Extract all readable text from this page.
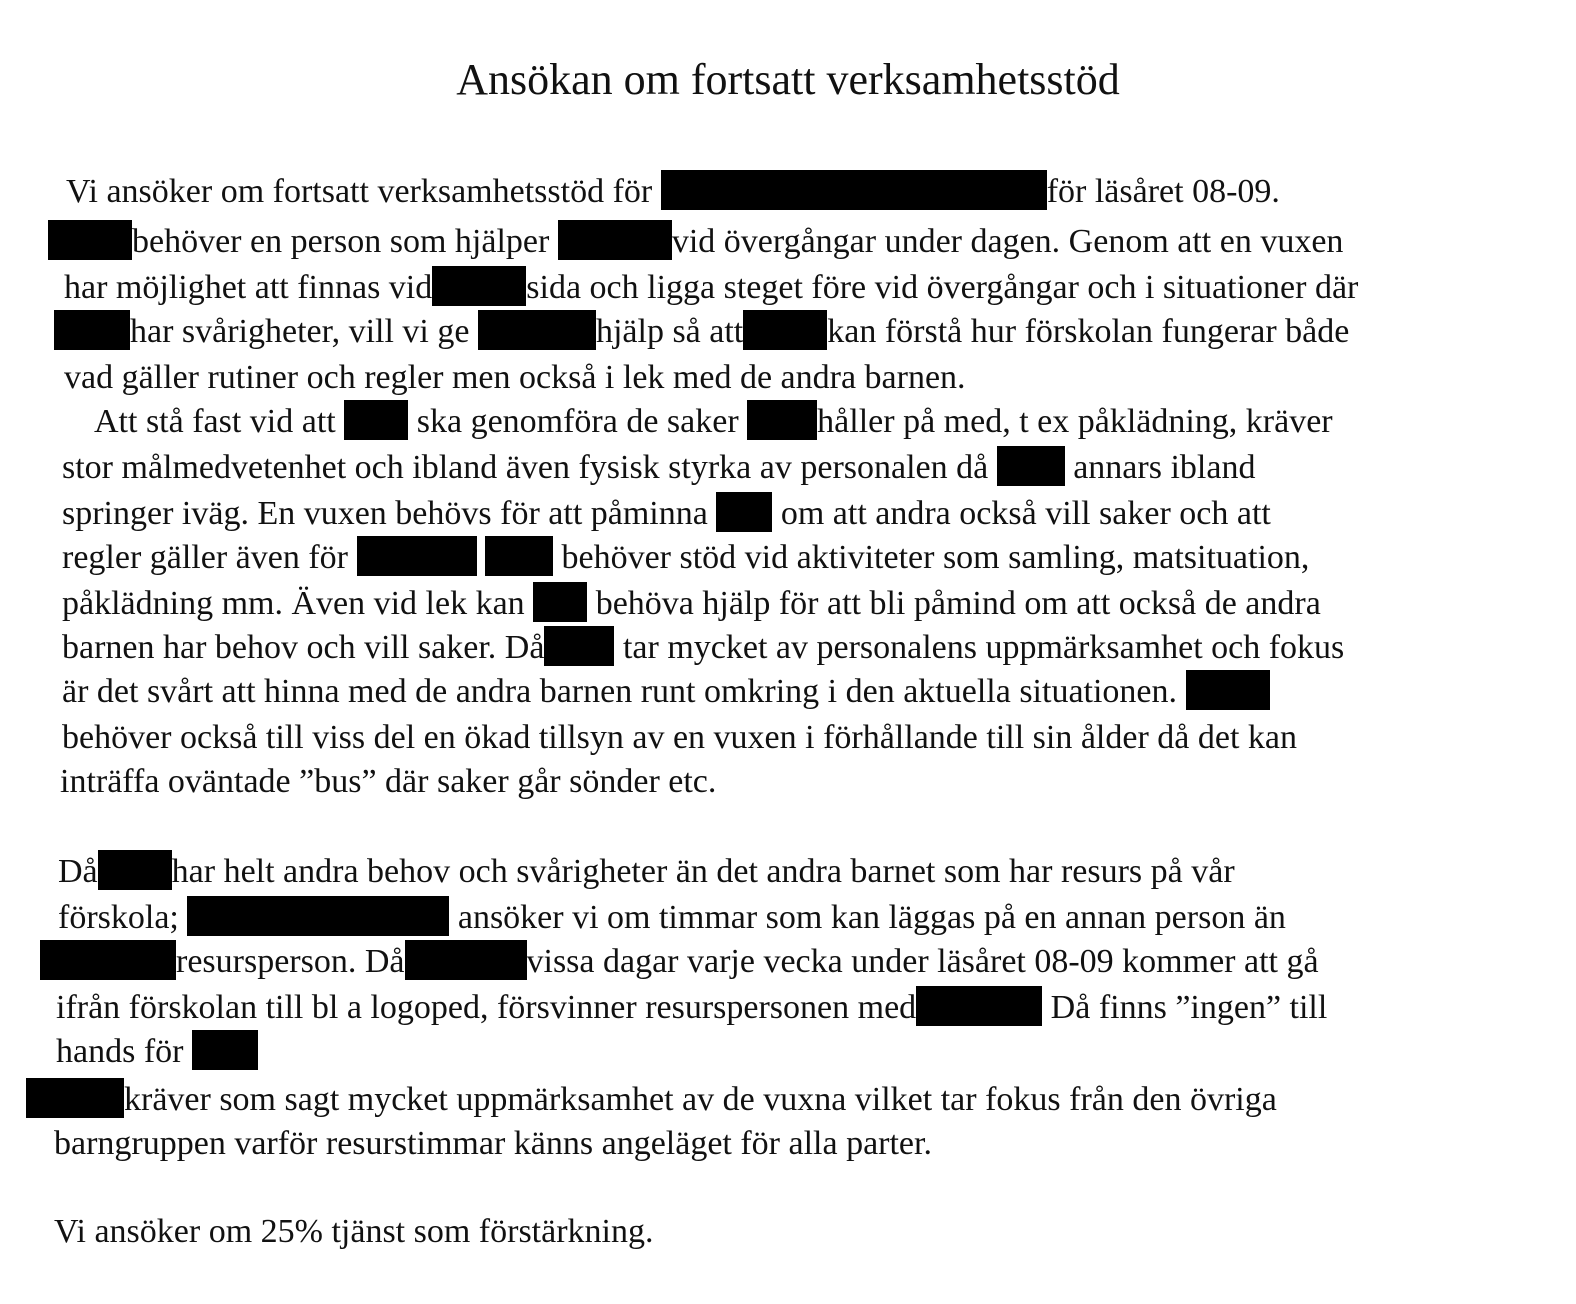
Ansökan om fortsatt verksamhetsstöd
Vi ansöker om fortsatt verksamhetsstöd för	för läsåret 08-09.
behöver en person som hjälper	vid övergångar under dagen. Genom att en vuxen
har möjlighet att finnas vid	sida och ligga steget före vid övergångar och i situationer där
har svårigheter, vill vi ge	hjälp så att kan förstå hur förskolan fungerar både
vad gäller rutiner och regler men också i lek med de andra barnen.
Att stå fast vid att  ska genomföra de saker håller på med, t ex påklädning, kräver
stor målmedvetenhet och ibland även fysisk styrka av personalen då  annars ibland
springer iväg. En vuxen behövs för att påminna  om att andra också vill saker och att
regler gäller även för	behöver stöd vid aktiviteter som samling, matsituation,
påklädning mm. Även vid lek kan  behöva hjälp för att bli påmind om att också de andra
barnen har behov och vill saker. Då tar mycket av personalens uppmärksamhet och fokus
är det svårt att hinna med de andra barnen runt omkring i den aktuella situationen.
behöver också till viss del en ökad tillsyn av en vuxen i förhållande till sin ålder då det kan
inträffa oväntade ”bus” där saker går sönder etc.
Då har helt andra behov och svårigheter än det andra barnet som har resurs på vår
förskola;	ansöker vi om timmar som kan läggas på en annan person än
resursperson. Då	vissa dagar varje vecka under läsåret 08-09 kommer att gå
ifrån förskolan till bl a logoped, försvinner resurspersonen med	Då finns ”ingen” till
hands för
kräver som sagt mycket uppmärksamhet av de vuxna vilket tar fokus från den övriga
barngruppen varför resurstimmar känns angeläget för alla parter.
Vi ansöker om 25% tjänst som förstärkning.
